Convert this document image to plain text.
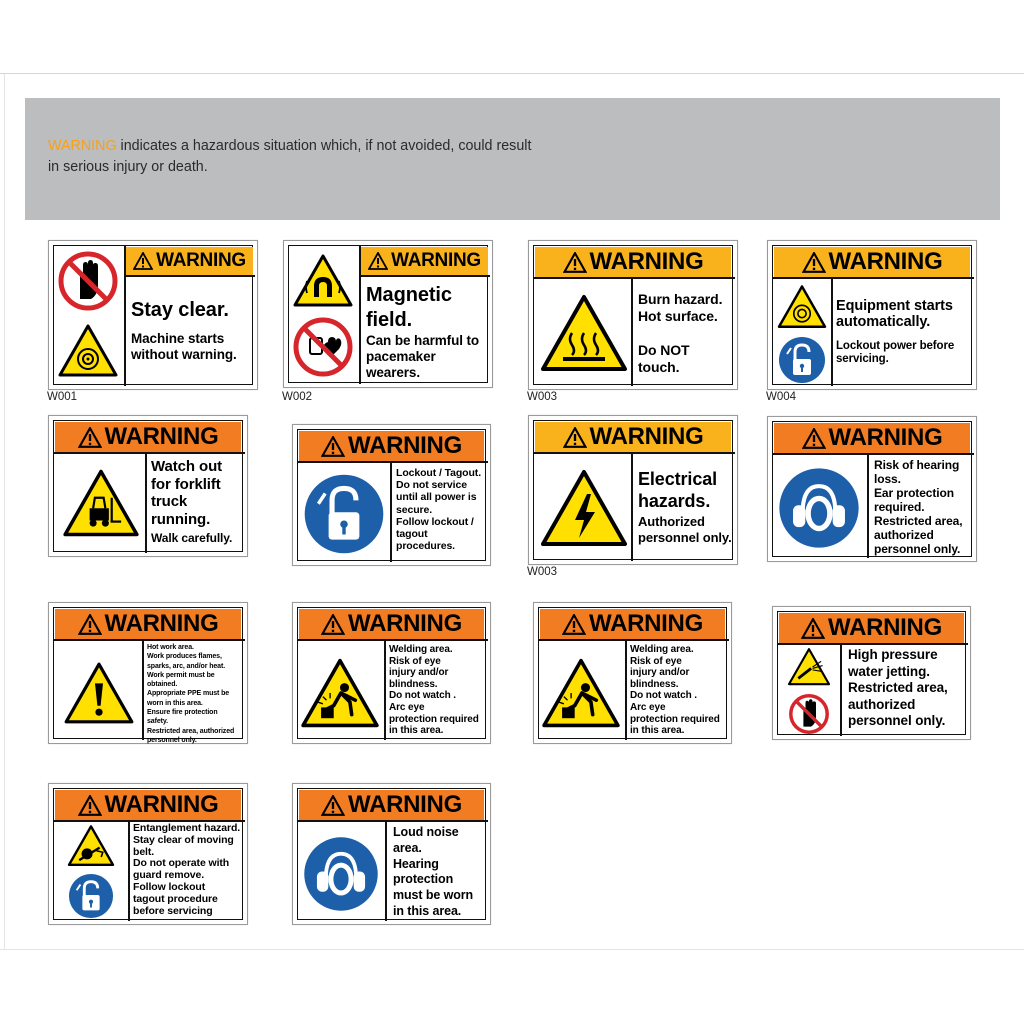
WARNING indicates a hazardous situation which, if not avoided, could result
in serious injury or death.
WARNING
Stay clear.
Machine starts
without warning.
W001
WARNING
Magnetic
field.
Can be harmful to
pacemaker
wearers.
W002
WARNING
Burn hazard.
Hot surface.

Do NOT
touch.
W003
WARNING
Equipment starts
automatically.
Lockout power before
servicing.
W004
WARNING
Watch out
for forklift
truck
running.
Walk carefully.
WARNING
Lockout / Tagout.
Do not service
until all power is
secure.
Follow lockout /
tagout
procedures.
WARNING
Electrical
hazards.
Authorized
personnel only.
W003
WARNING
Risk of hearing
loss.
Ear protection
required.
Restricted area,
authorized
personnel only.
WARNING
Hot work area.
Work produces flames,
sparks, arc, and/or heat.
Work permit must be
obtained.
Appropriate PPE must be
worn in this area.
Ensure fire protection
safety.
Restricted area, authorized
personnel only.
WARNING
Welding area.
Risk of eye
injury and/or
blindness.
Do not watch .
Arc eye
protection required
in this area.
WARNING
Welding area.
Risk of eye
injury and/or
blindness.
Do not watch .
Arc eye
protection required
in this area.
WARNING
High pressure
water jetting.
Restricted area,
authorized
personnel only.
WARNING
Entanglement hazard.
Stay clear of moving
belt.
Do not operate with
guard remove.
Follow lockout
tagout procedure
before servicing
WARNING
Loud noise
area.
Hearing
protection
must be worn
in this area.
